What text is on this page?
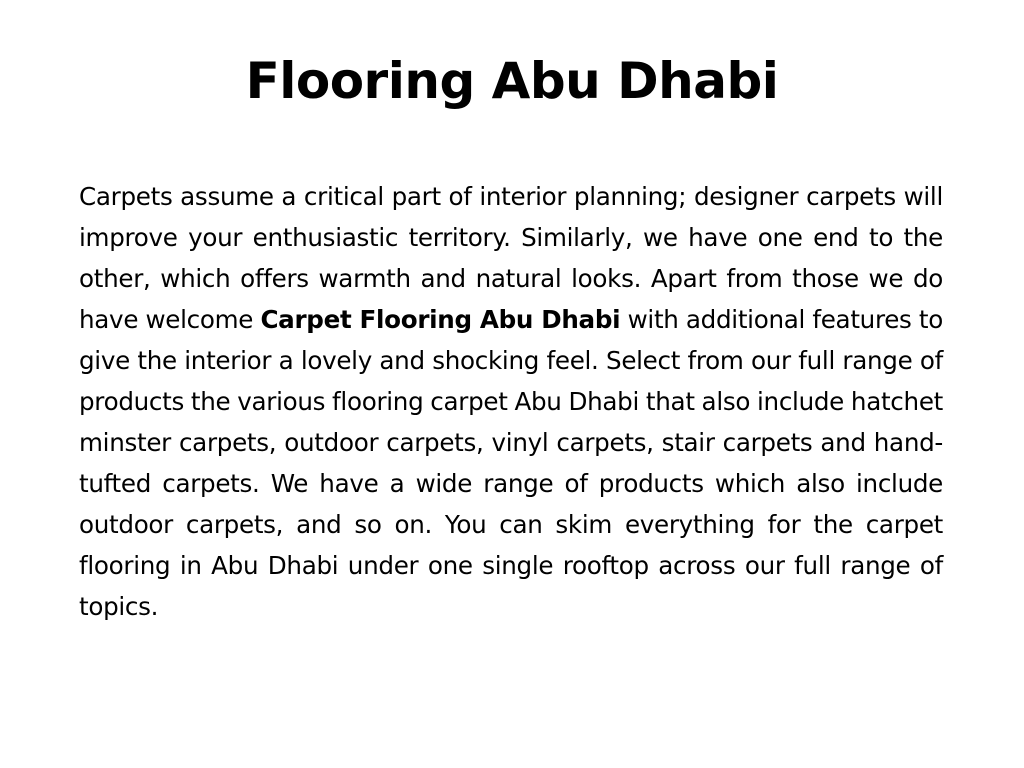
Flooring Abu Dhabi

Carpets assume a critical part of interior planning; designer carpets will improve your enthusiastic territory. Similarly, we have one end to the other, which offers warmth and natural looks. Apart from those we do have welcome Carpet Flooring Abu Dhabi with additional features to give the interior a lovely and shocking feel. Select from our full range of products the various flooring carpet Abu Dhabi that also include hatchet minster carpets, outdoor carpets, vinyl carpets, stair carpets and hand-tufted carpets. We have a wide range of products which also include outdoor carpets, and so on. You can skim everything for the carpet flooring in Abu Dhabi under one single rooftop across our full range of topics.
